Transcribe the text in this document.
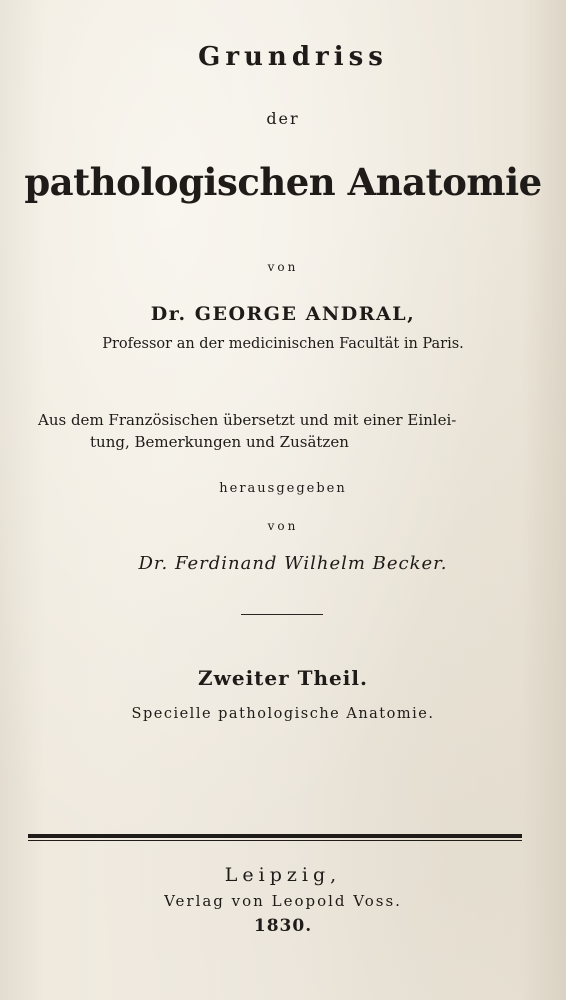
Grundriss
der
pathologischen Anatomie
von
Dr. GEORGE ANDRAL,
Professor an der medicinischen Facultät in Paris.
Aus dem Französischen übersetzt und mit einer Einlei-
tung, Bemerkungen und Zusätzen
herausgegeben
von
Dr. Ferdinand Wilhelm Becker.
Zweiter Theil.
Specielle pathologische Anatomie.
Leipzig,
Verlag von Leopold Voss.
1830.
